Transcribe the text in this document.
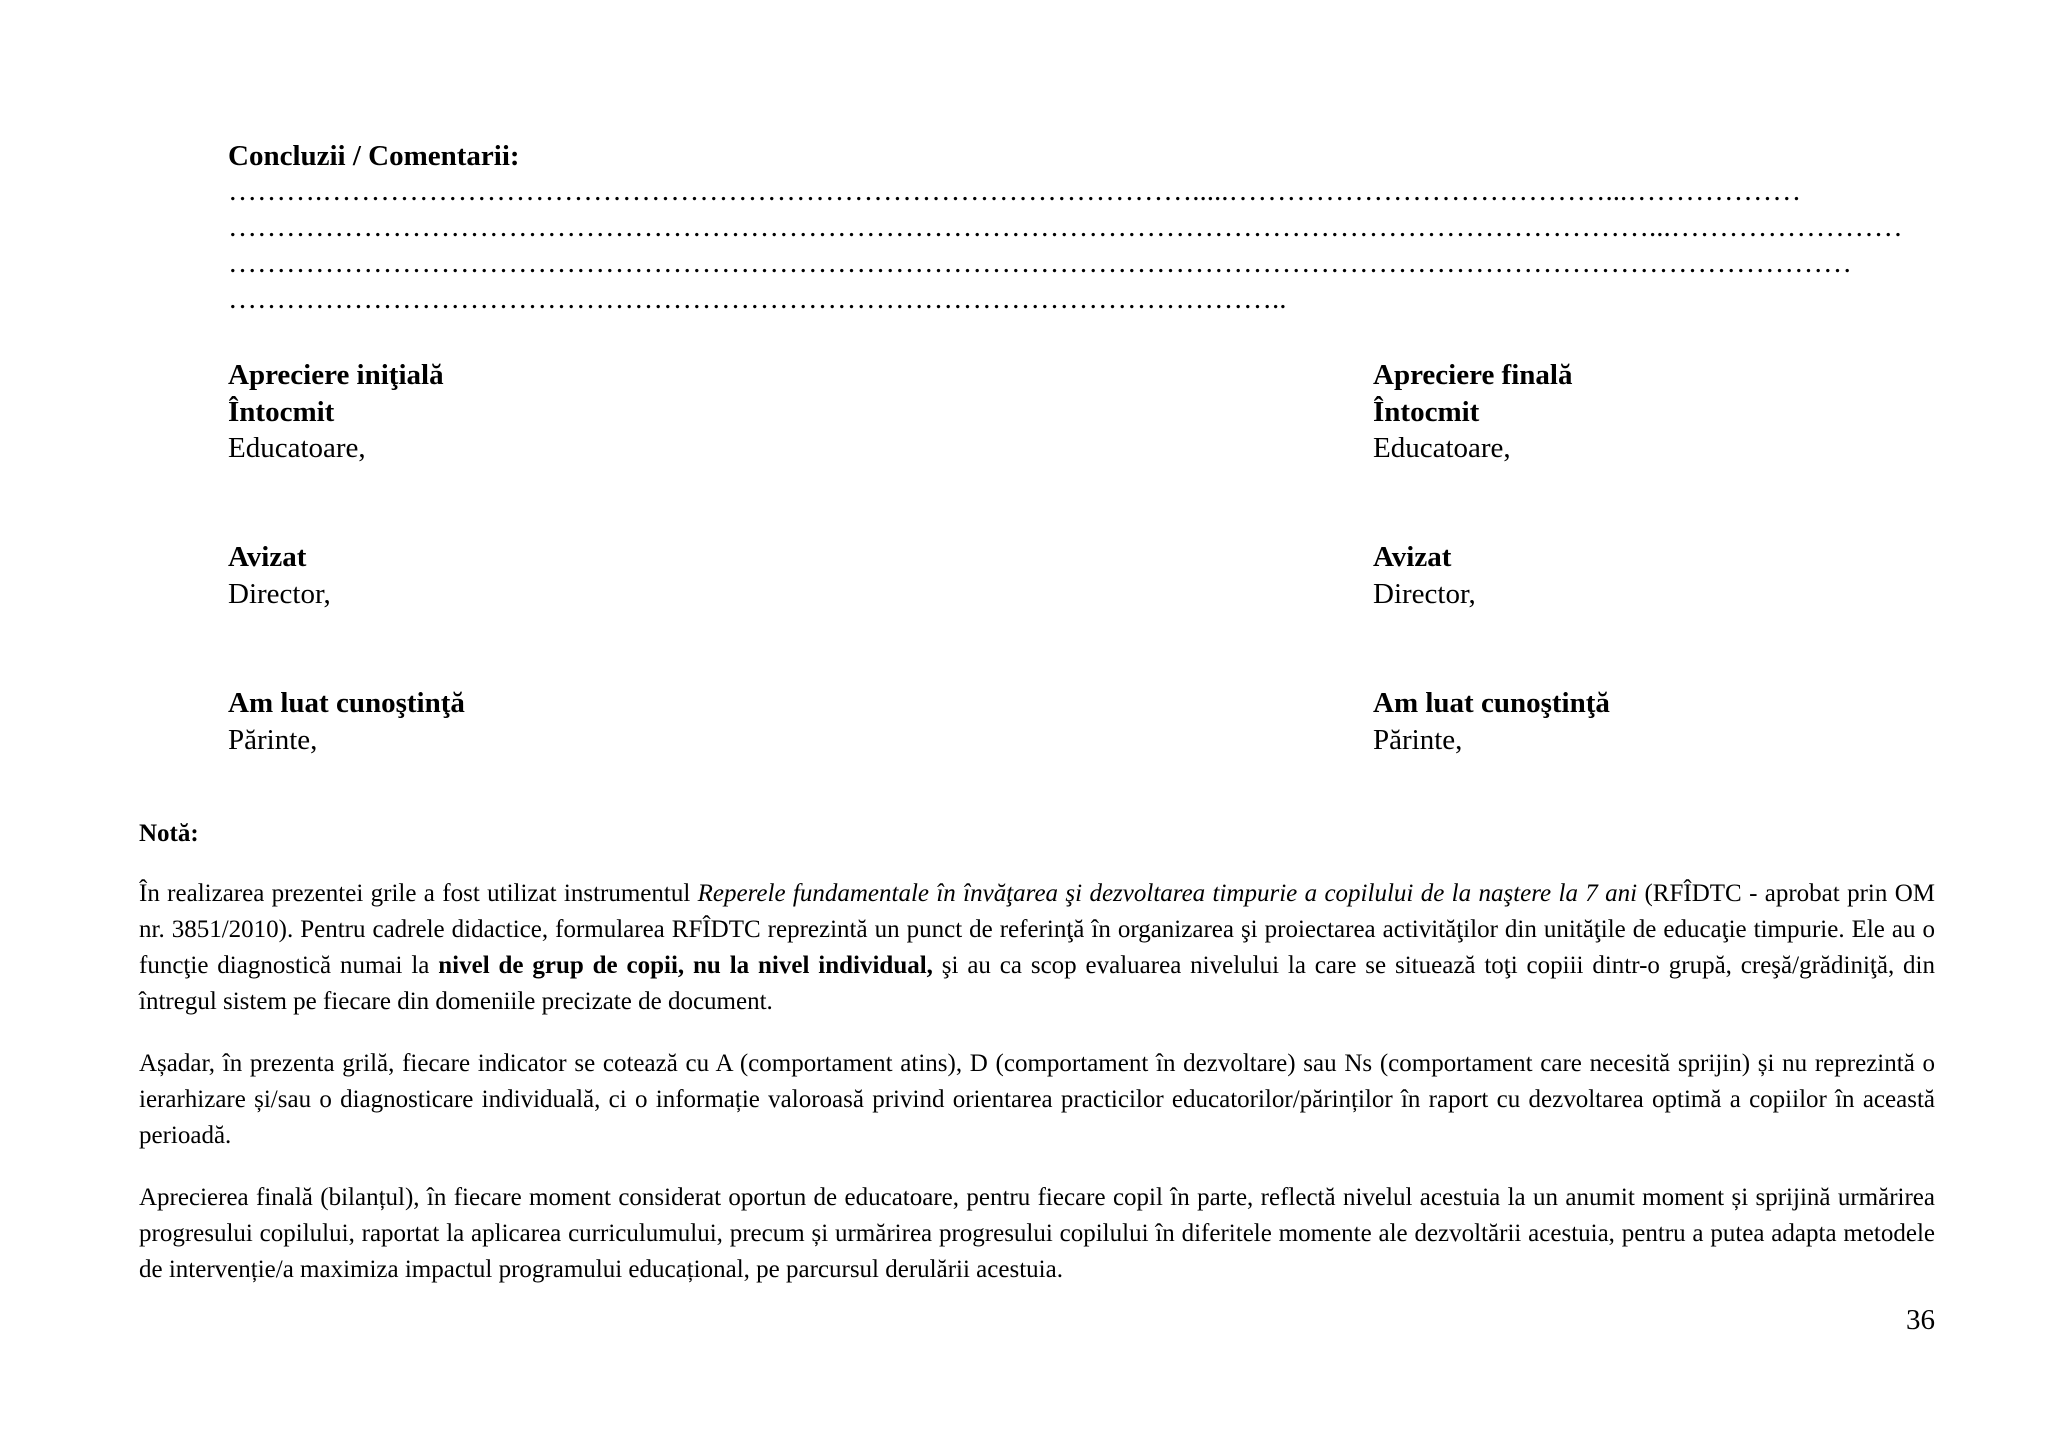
Concluzii / Comentarii:
……….……………………………………………………………………………….....…………………………………...………………
…………………………………………………………………………………………………………………………………...……………………
……………………………………………………………………………………………………………………………………………………
………………………………………………………………………………………………..
Apreciere iniţială
Întocmit
Educatoare,
Avizat
Director,
Am luat cunoştinţă
Părinte,
Apreciere finală
Întocmit
Educatoare,
Avizat
Director,
Am luat cunoştinţă
Părinte,
Notă:
În realizarea prezentei grile a fost utilizat instrumentul Reperele fundamentale în învăţarea şi dezvoltarea timpurie a copilului de la naştere la 7 ani (RFÎDTC - aprobat prin OM nr. 3851/2010). Pentru cadrele didactice, formularea RFÎDTC reprezintă un punct de referinţă în organizarea şi proiectarea activităţilor din unităţile de educaţie timpurie. Ele au o funcţie diagnostică numai la nivel de grup de copii, nu la nivel individual, şi au ca scop evaluarea nivelului la care se situează toţi copiii dintr-o grupă, creşă/grădiniţă, din întregul sistem pe fiecare din domeniile precizate de document.
Așadar, în prezenta grilă, fiecare indicator se cotează cu A (comportament atins), D (comportament în dezvoltare) sau Ns (comportament care necesită sprijin) și nu reprezintă o ierarhizare și/sau o diagnosticare individuală, ci o informație valoroasă privind orientarea practicilor educatorilor/părinților în raport cu dezvoltarea optimă a copiilor în această perioadă.
Aprecierea finală (bilanțul), în fiecare moment considerat oportun de educatoare, pentru fiecare copil în parte, reflectă nivelul acestuia la un anumit moment și sprijină urmărirea progresului copilului, raportat la aplicarea curriculumului, precum și urmărirea progresului copilului în diferitele momente ale dezvoltării acestuia, pentru a putea adapta metodele de intervenție/a maximiza impactul programului educațional, pe parcursul derulării acestuia.
36
